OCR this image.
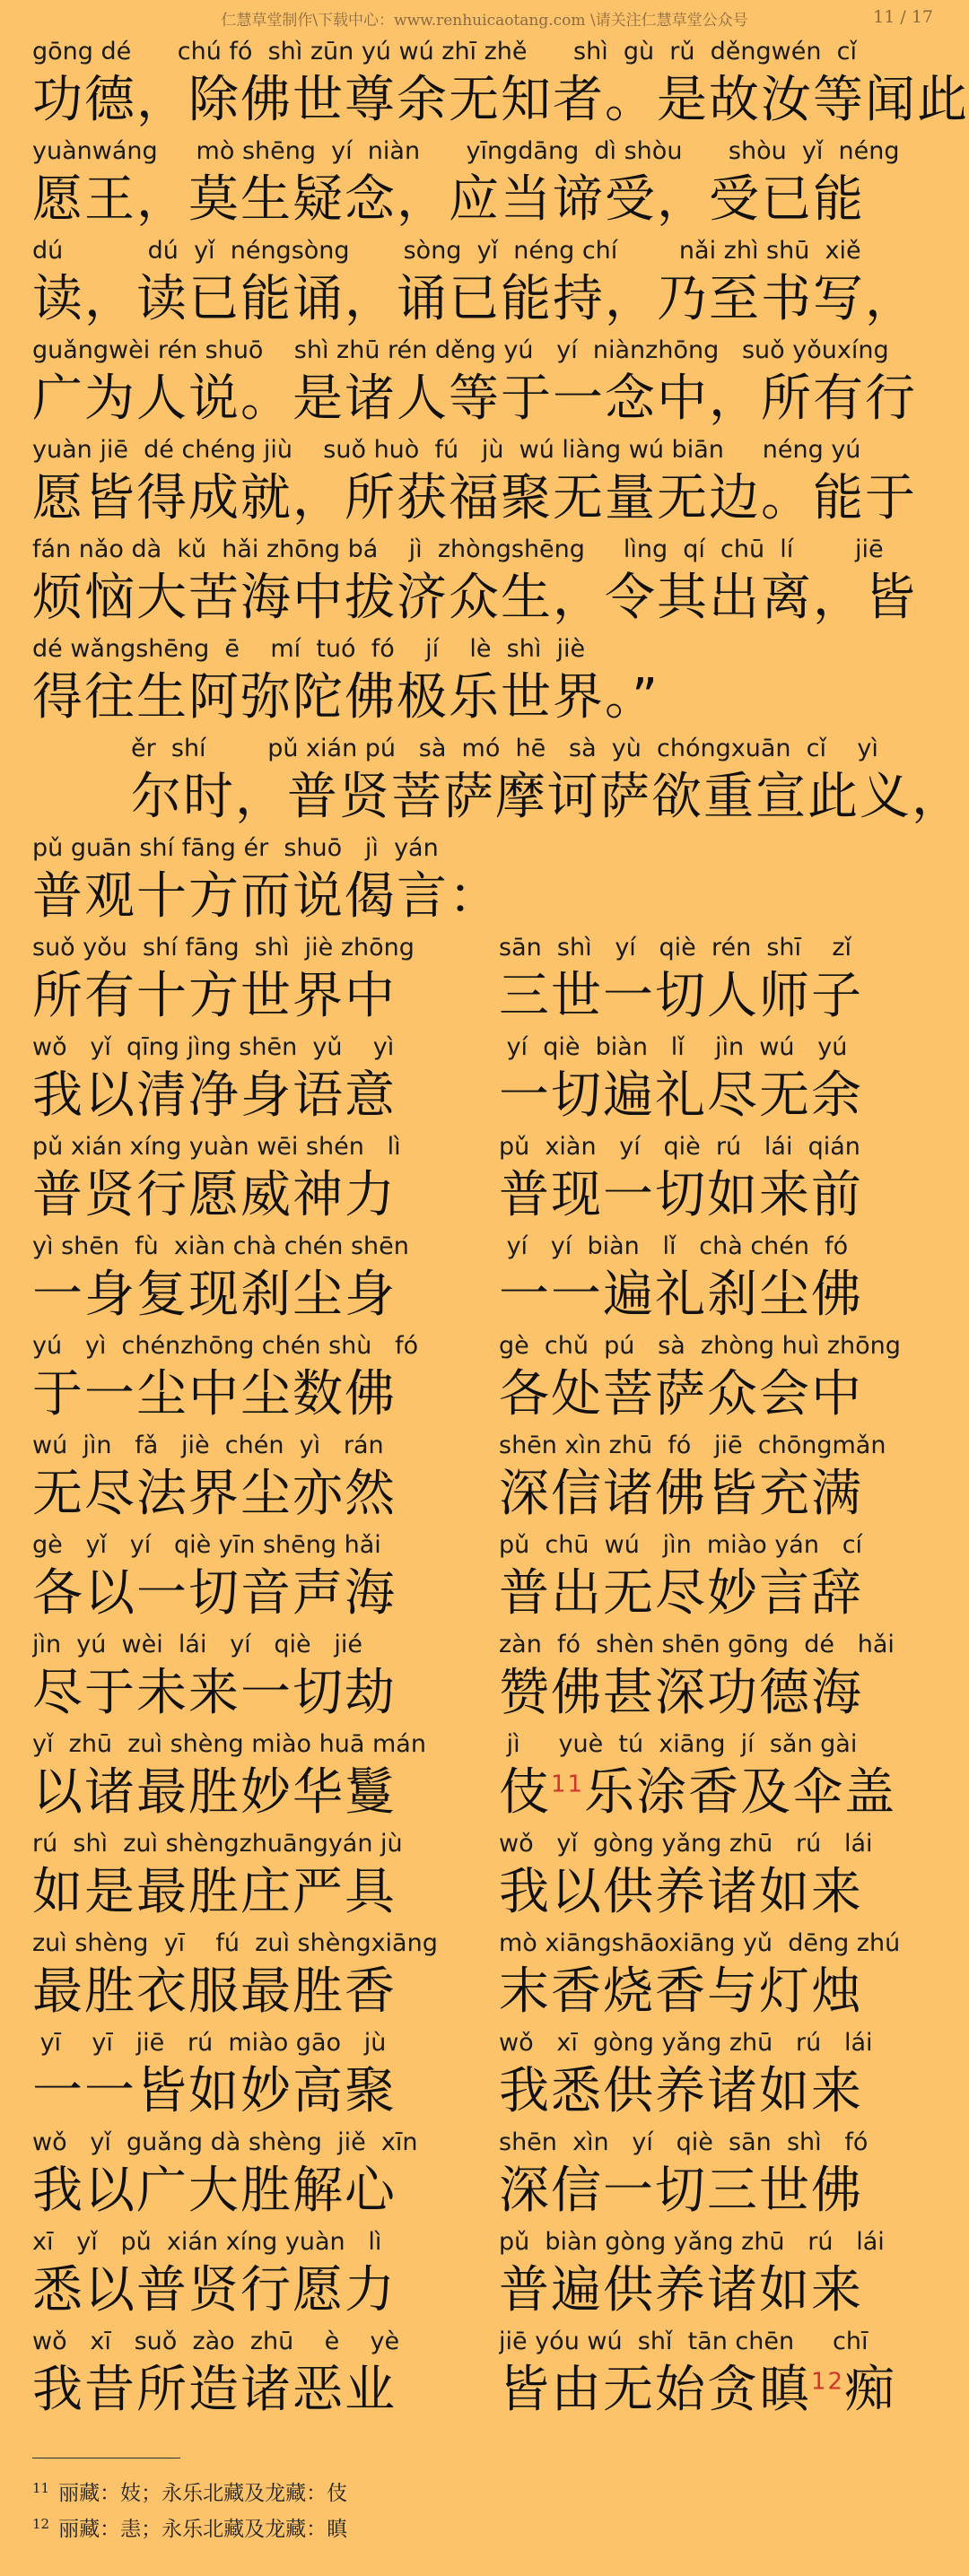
仁慧草堂制作\下载中心：www.renhuicaotang.com \请关注仁慧草堂公众号	11 / 17
gōng dé      chú fó  shì zūn yú wú zhī zhě      shì  gù  rǔ  děngwén  cǐ
功德，除佛世尊余无知者。是故汝等闻此
yuànwáng     mò shēng  yí  niàn      yīngdāng  dì shòu      shòu  yǐ  néng
愿王，莫生疑念，应当谛受，受已能
dú           dú  yǐ  néngsòng       sòng  yǐ  néng chí        nǎi zhì shū  xiě
读，读已能诵，诵已能持，乃至书写，
guǎngwèi rén shuō    shì zhū rén děng yú   yí  niànzhōng   suǒ yǒuxíng
广为人说。是诸人等于一念中，所有行
yuàn jiē  dé chéng jiù    suǒ huò  fú   jù  wú liàng wú biān     néng yú
愿皆得成就，所获福聚无量无边。能于
fán nǎo dà  kǔ  hǎi zhōng bá    jì  zhòngshēng     lìng  qí  chū  lí        jiē
烦恼大苦海中拔济众生，令其出离，皆
dé wǎngshēng  ē    mí  tuó  fó    jí    lè  shì  jiè
得往生阿弥陀佛极乐世界。”
ěr  shí        pǔ xián pú   sà  mó  hē   sà  yù  chóngxuān  cǐ    yì
尔时，普贤菩萨摩诃萨欲重宣此义，
pǔ guān shí fāng ér  shuō   jì  yán
普观十方而说偈言：
suǒ yǒu  shí fāng  shì  jiè zhōng
所有十方世界中
sān  shì   yí   qiè  rén  shī    zǐ
三世一切人师子
wǒ   yǐ  qīng jìng shēn  yǔ    yì
我以清净身语意
yí  qiè  biàn   lǐ    jìn  wú   yú
一切遍礼尽无余
pǔ xián xíng yuàn wēi shén   lì
普贤行愿威神力
pǔ  xiàn   yí   qiè  rú   lái  qián
普现一切如来前
yì shēn  fù  xiàn chà chén shēn
一身复现刹尘身
yí   yí  biàn   lǐ   chà chén  fó
一一遍礼刹尘佛
yú   yì  chénzhōng chén shù   fó
于一尘中尘数佛
gè  chǔ  pú   sà  zhòng huì zhōng
各处菩萨众会中
wú  jìn   fǎ   jiè  chén  yì   rán
无尽法界尘亦然
shēn xìn zhū  fó   jiē  chōngmǎn
深信诸佛皆充满
gè   yǐ   yí   qiè yīn shēng hǎi
各以一切音声海
pǔ  chū  wú   jìn  miào yán   cí
普出无尽妙言辞
jìn  yú  wèi  lái   yí   qiè   jié
尽于未来一切劫
zàn  fó  shèn shēn gōng  dé   hǎi
赞佛甚深功德海
yǐ  zhū  zuì shèng miào huā mán
以诸最胜妙华鬘
jì     yuè  tú  xiāng  jí  sǎn gài
伎$^{11}$乐涂香及伞盖
rú  shì  zuì shèngzhuāngyán jù
如是最胜庄严具
wǒ   yǐ  gòng yǎng zhū   rú   lái
我以供养诸如来
zuì shèng  yī    fú  zuì shèngxiāng
最胜衣服最胜香
mò xiāngshāoxiāng yǔ  dēng zhú
末香烧香与灯烛
yī    yī   jiē   rú  miào gāo   jù
一一皆如妙高聚
wǒ   xī  gòng yǎng zhū   rú   lái
我悉供养诸如来
wǒ   yǐ  guǎng dà shèng  jiě  xīn
我以广大胜解心
shēn  xìn   yí   qiè  sān  shì   fó
深信一切三世佛
xī   yǐ   pǔ  xián xíng yuàn   lì
悉以普贤行愿力
pǔ  biàn gòng yǎng zhū   rú   lái
普遍供养诸如来
wǒ   xī   suǒ  zào  zhū    è    yè
我昔所造诸恶业
jiē yóu wú  shǐ  tān chēn     chī
皆由无始贪瞋$^{12}$痴
$^{11}$ 丽藏：妓；永乐北藏及龙藏：伎
$^{12}$ 丽藏：恚；永乐北藏及龙藏：瞋
